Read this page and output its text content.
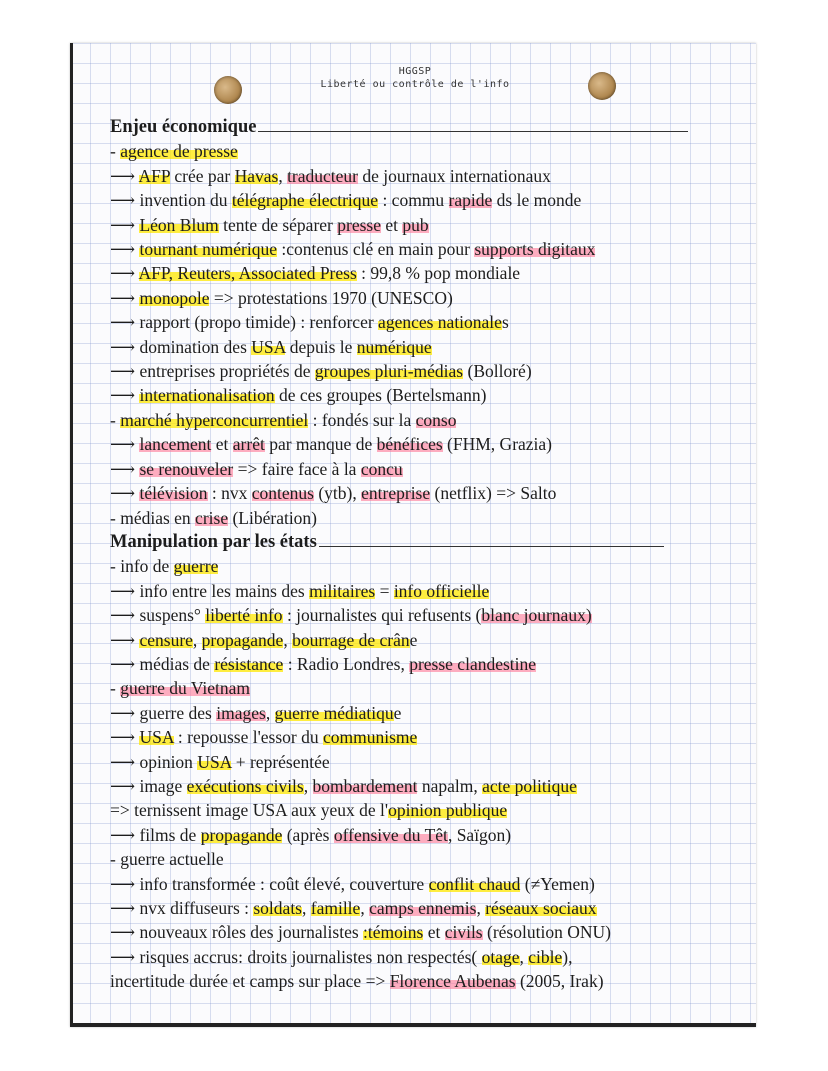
HGGSP
Liberté ou contrôle de l'info
Enjeu économique
- agence de presse
⟶ AFP crée par Havas, traducteur de journaux internationaux
⟶ invention du télégraphe électrique : commu rapide ds le monde
⟶ Léon Blum tente de séparer presse et pub
⟶ tournant numérique :contenus clé en main pour supports digitaux
⟶ AFP, Reuters, Associated Press : 99,8 % pop mondiale
⟶ monopole => protestations 1970 (UNESCO)
⟶ rapport (propo timide) : renforcer agences nationales
⟶ domination des USA depuis le numérique
⟶ entreprises propriétés de groupes pluri-médias (Bolloré)
⟶ internationalisation de ces groupes (Bertelsmann)
- marché hyperconcurrentiel : fondés sur la conso
⟶ lancement et arrêt par manque de bénéfices (FHM, Grazia)
⟶ se renouveler => faire face à la concu
⟶ télévision : nvx contenus (ytb), entreprise (netflix) => Salto
- médias en crise (Libération)
Manipulation par les états
- info de guerre
⟶ info entre les mains des militaires = info officielle
⟶ suspens° liberté info : journalistes qui refusents (blanc journaux)
⟶ censure, propagande, bourrage de crâne
⟶ médias de résistance : Radio Londres, presse clandestine
- guerre du Vietnam
⟶ guerre des images, guerre médiatique
⟶ USA : repousse l'essor du communisme
⟶ opinion USA + représentée
⟶ image exécutions civils, bombardement napalm, acte politique
=> ternissent image USA aux yeux de l'opinion publique
⟶ films de propagande (après offensive du Têt, Saïgon)
- guerre actuelle
⟶ info transformée : coût élevé, couverture conflit chaud (≠Yemen)
⟶ nvx diffuseurs : soldats, famille, camps ennemis, réseaux sociaux
⟶ nouveaux rôles des journalistes :témoins et civils (résolution ONU)
⟶ risques accrus: droits journalistes non respectés( otage, cible),
incertitude durée et camps sur place => Florence Aubenas (2005, Irak)
